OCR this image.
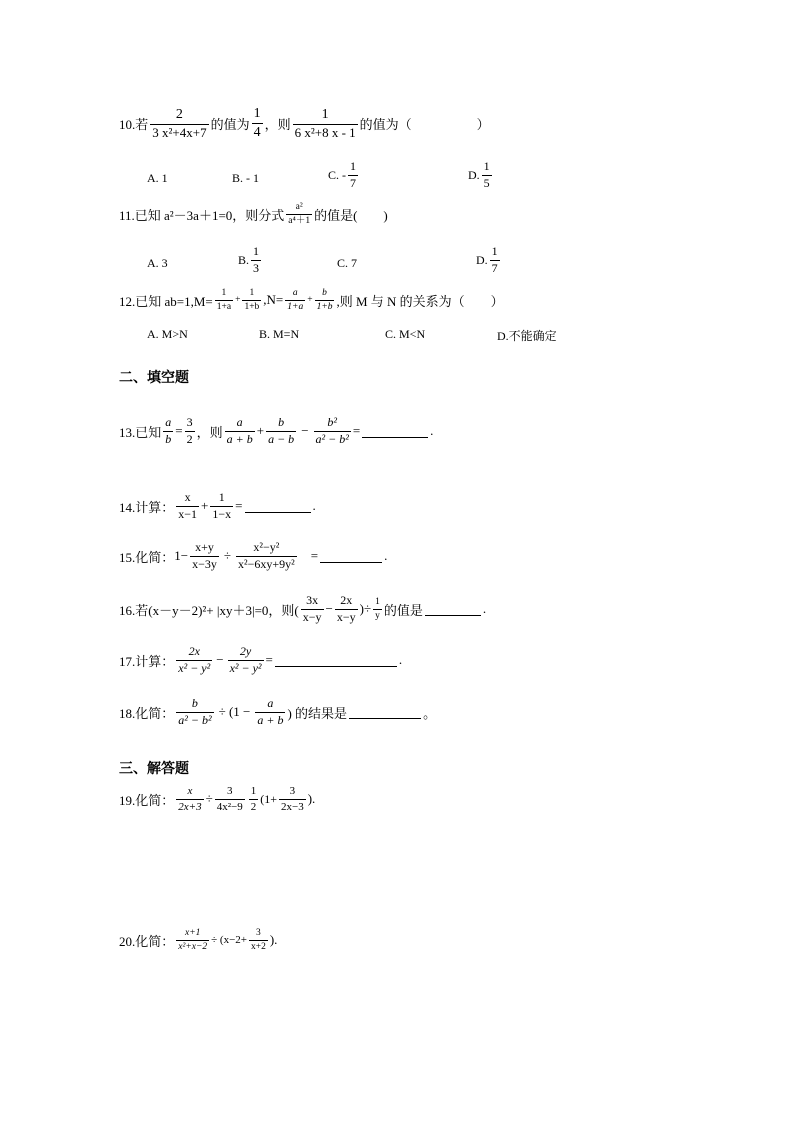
10.若 $\frac{2}{\text{3 x²+4x+7}}$ 的值为 $\frac{1}{4}$ ，则 $\frac{1}{\text{6 x²+8 x - 1}}$ 的值为（　　　　　）
A. 1	B. - 1	C. - $\frac{1}{7}$	D. $\frac{1}{5}$
11.已知 a²－3a＋1=0，则分式 $\frac{\text{a²}}{\text{a⁴＋1}}$ 的值是(　　)
A. 3	B. $\frac{1}{3}$	C. 7	D. $\frac{1}{7}$
12.已知 $ab=1,M= \frac{1}{1+a} + \frac{1}{1+b} ,N= \frac{a}{1+a} + \frac{b}{1+b}$ ,则 M 与 N 的关系为（　　）
A. M>N	B. M=N	C. M<N	D.不能确定
二、填空题
13.已知 $\frac{a}{b} = \frac{3}{2}$ ，则 $\frac{a}{a + b} + \frac{b}{a - b} - \frac{\text{b²}}{\text{a² − b²}}$ =	.
14.计算： $\frac{x}{x-1} + \frac{1}{1-x}$ =	.
15.化简： $1- \frac{x+y}{x-3y} \div \frac{\text{x²−y²}}{\text{x²−6xy+9y²}}$ =	.
16.若(x－y－2)²+ |xy＋3|=0，则( $\frac{3x}{x-y} - \frac{2x}{x-y}$ )÷ $\frac{1}{y}$ 的值是	.
17.计算： $\frac{2x}{\text{x² − y²}} - \frac{2y}{\text{x² − y²}}$ =	.
18.化简： $\frac{b}{\text{a² − b²}} \div (1 - \frac{a}{a + b}$ ) 的结果是	。
三、解答题
19.化简： $\frac{x}{2x+3} \div \frac{3}{\text{4x²−9}} \frac{1}{2} (1+ \frac{3}{2x-3}$ ).
20.化简： $\frac{x+1}{\text{x²+x−2}} \div (x-2+ \frac{3}{x+2}$ ).
